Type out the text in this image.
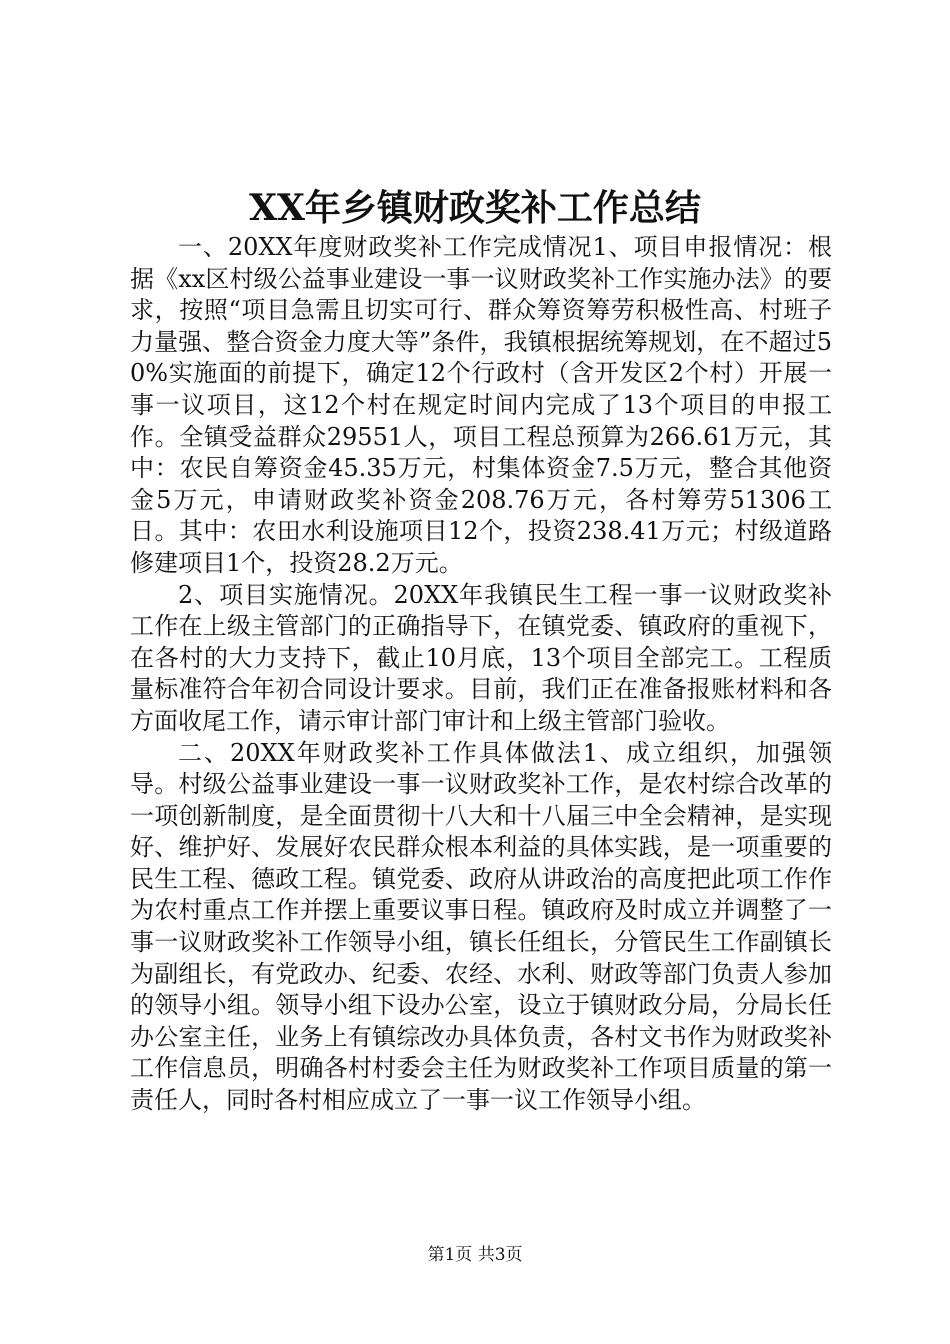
XX年乡镇财政奖补工作总结

一、20XX年度财政奖补工作完成情况1、项目申报情况：根据《xx区村级公益事业建设一事一议财政奖补工作实施办法》的要求，按照“项目急需且切实可行、群众筹资筹劳积极性高、村班子力量强、整合资金力度大等”条件，我镇根据统筹规划，在不超过50%实施面的前提下，确定12个行政村（含开发区2个村）开展一事一议项目，这12个村在规定时间内完成了13个项目的申报工作。全镇受益群众29551人，项目工程总预算为266.61万元，其中：农民自筹资金45.35万元，村集体资金7.5万元，整合其他资金5万元，申请财政奖补资金208.76万元，各村筹劳51306工日。其中：农田水利设施项目12个，投资238.41万元；村级道路修建项目1个，投资28.2万元。

2、项目实施情况。20XX年我镇民生工程一事一议财政奖补工作在上级主管部门的正确指导下，在镇党委、镇政府的重视下，在各村的大力支持下，截止10月底，13个项目全部完工。工程质量标准符合年初合同设计要求。目前，我们正在准备报账材料和各方面收尾工作，请示审计部门审计和上级主管部门验收。

二、20XX年财政奖补工作具体做法1、成立组织，加强领导。村级公益事业建设一事一议财政奖补工作，是农村综合改革的一项创新制度，是全面贯彻十八大和十八届三中全会精神，是实现好、维护好、发展好农民群众根本利益的具体实践，是一项重要的民生工程、德政工程。镇党委、政府从讲政治的高度把此项工作作为农村重点工作并摆上重要议事日程。镇政府及时成立并调整了一事一议财政奖补工作领导小组，镇长任组长，分管民生工作副镇长为副组长，有党政办、纪委、农经、水利、财政等部门负责人参加的领导小组。领导小组下设办公室，设立于镇财政分局，分局长任办公室主任，业务上有镇综改办具体负责，各村文书作为财政奖补工作信息员，明确各村村委会主任为财政奖补工作项目质量的第一责任人，同时各村相应成立了一事一议工作领导小组。

第1页 共3页
